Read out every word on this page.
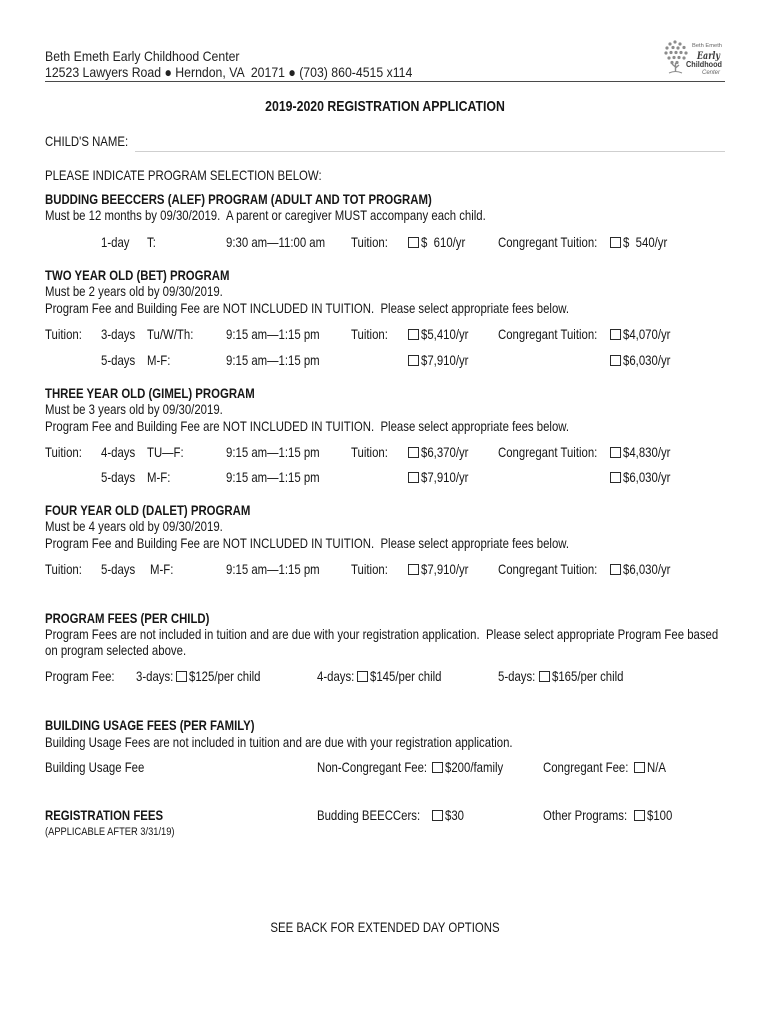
Beth Emeth Early Childhood Center
12523 Lawyers Road ● Herndon, VA  20171 ● (703) 860-4515 x114
Beth Emeth
Early
Childhood
Center
2019-2020 REGISTRATION APPLICATION
CHILD'S NAME:
PLEASE INDICATE PROGRAM SELECTION BELOW:
BUDDING BEECCERS (ALEF) PROGRAM (ADULT AND TOT PROGRAM)
Must be 12 months by 09/30/2019.  A parent or caregiver MUST accompany each child.
1-day T:	9:30 am—11:00 am Tuition: $  610/yr Congregant Tuition: $  540/yr
TWO YEAR OLD (BET) PROGRAM
Must be 2 years old by 09/30/2019.
Program Fee and Building Fee are NOT INCLUDED IN TUITION.  Please select appropriate fees below.
Tuition: 3-days Tu/W/Th: 9:15 am—1:15 pm Tuition: $5,410/yr Congregant Tuition: $4,070/yr
5-days M-F:	9:15 am—1:15 pm	$7,910/yr	$6,030/yr
THREE YEAR OLD (GIMEL) PROGRAM
Must be 3 years old by 09/30/2019.
Program Fee and Building Fee are NOT INCLUDED IN TUITION.  Please select appropriate fees below.
Tuition: 4-days TU—F:	9:15 am—1:15 pm Tuition: $6,370/yr Congregant Tuition: $4,830/yr
5-days M-F:	9:15 am—1:15 pm	$7,910/yr	$6,030/yr
FOUR YEAR OLD (DALET) PROGRAM
Must be 4 years old by 09/30/2019.
Program Fee and Building Fee are NOT INCLUDED IN TUITION.  Please select appropriate fees below.
Tuition: 5-days M-F:	9:15 am—1:15 pm Tuition: $7,910/yr Congregant Tuition: $6,030/yr
PROGRAM FEES (PER CHILD)
Program Fees are not included in tuition and are due with your registration application.  Please select appropriate Program Fee based
on program selected above.
Program Fee: 3-days: $125/per child	4-days: $145/per child	5-days: $165/per child
BUILDING USAGE FEES (PER FAMILY)
Building Usage Fees are not included in tuition and are due with your registration application.
Building Usage Fee	Non-Congregant Fee: $200/family	Congregant Fee: N/A
REGISTRATION FEES
(APPLICABLE AFTER 3/31/19)
Budding BEECCers: $30	Other Programs: $100
SEE BACK FOR EXTENDED DAY OPTIONS
